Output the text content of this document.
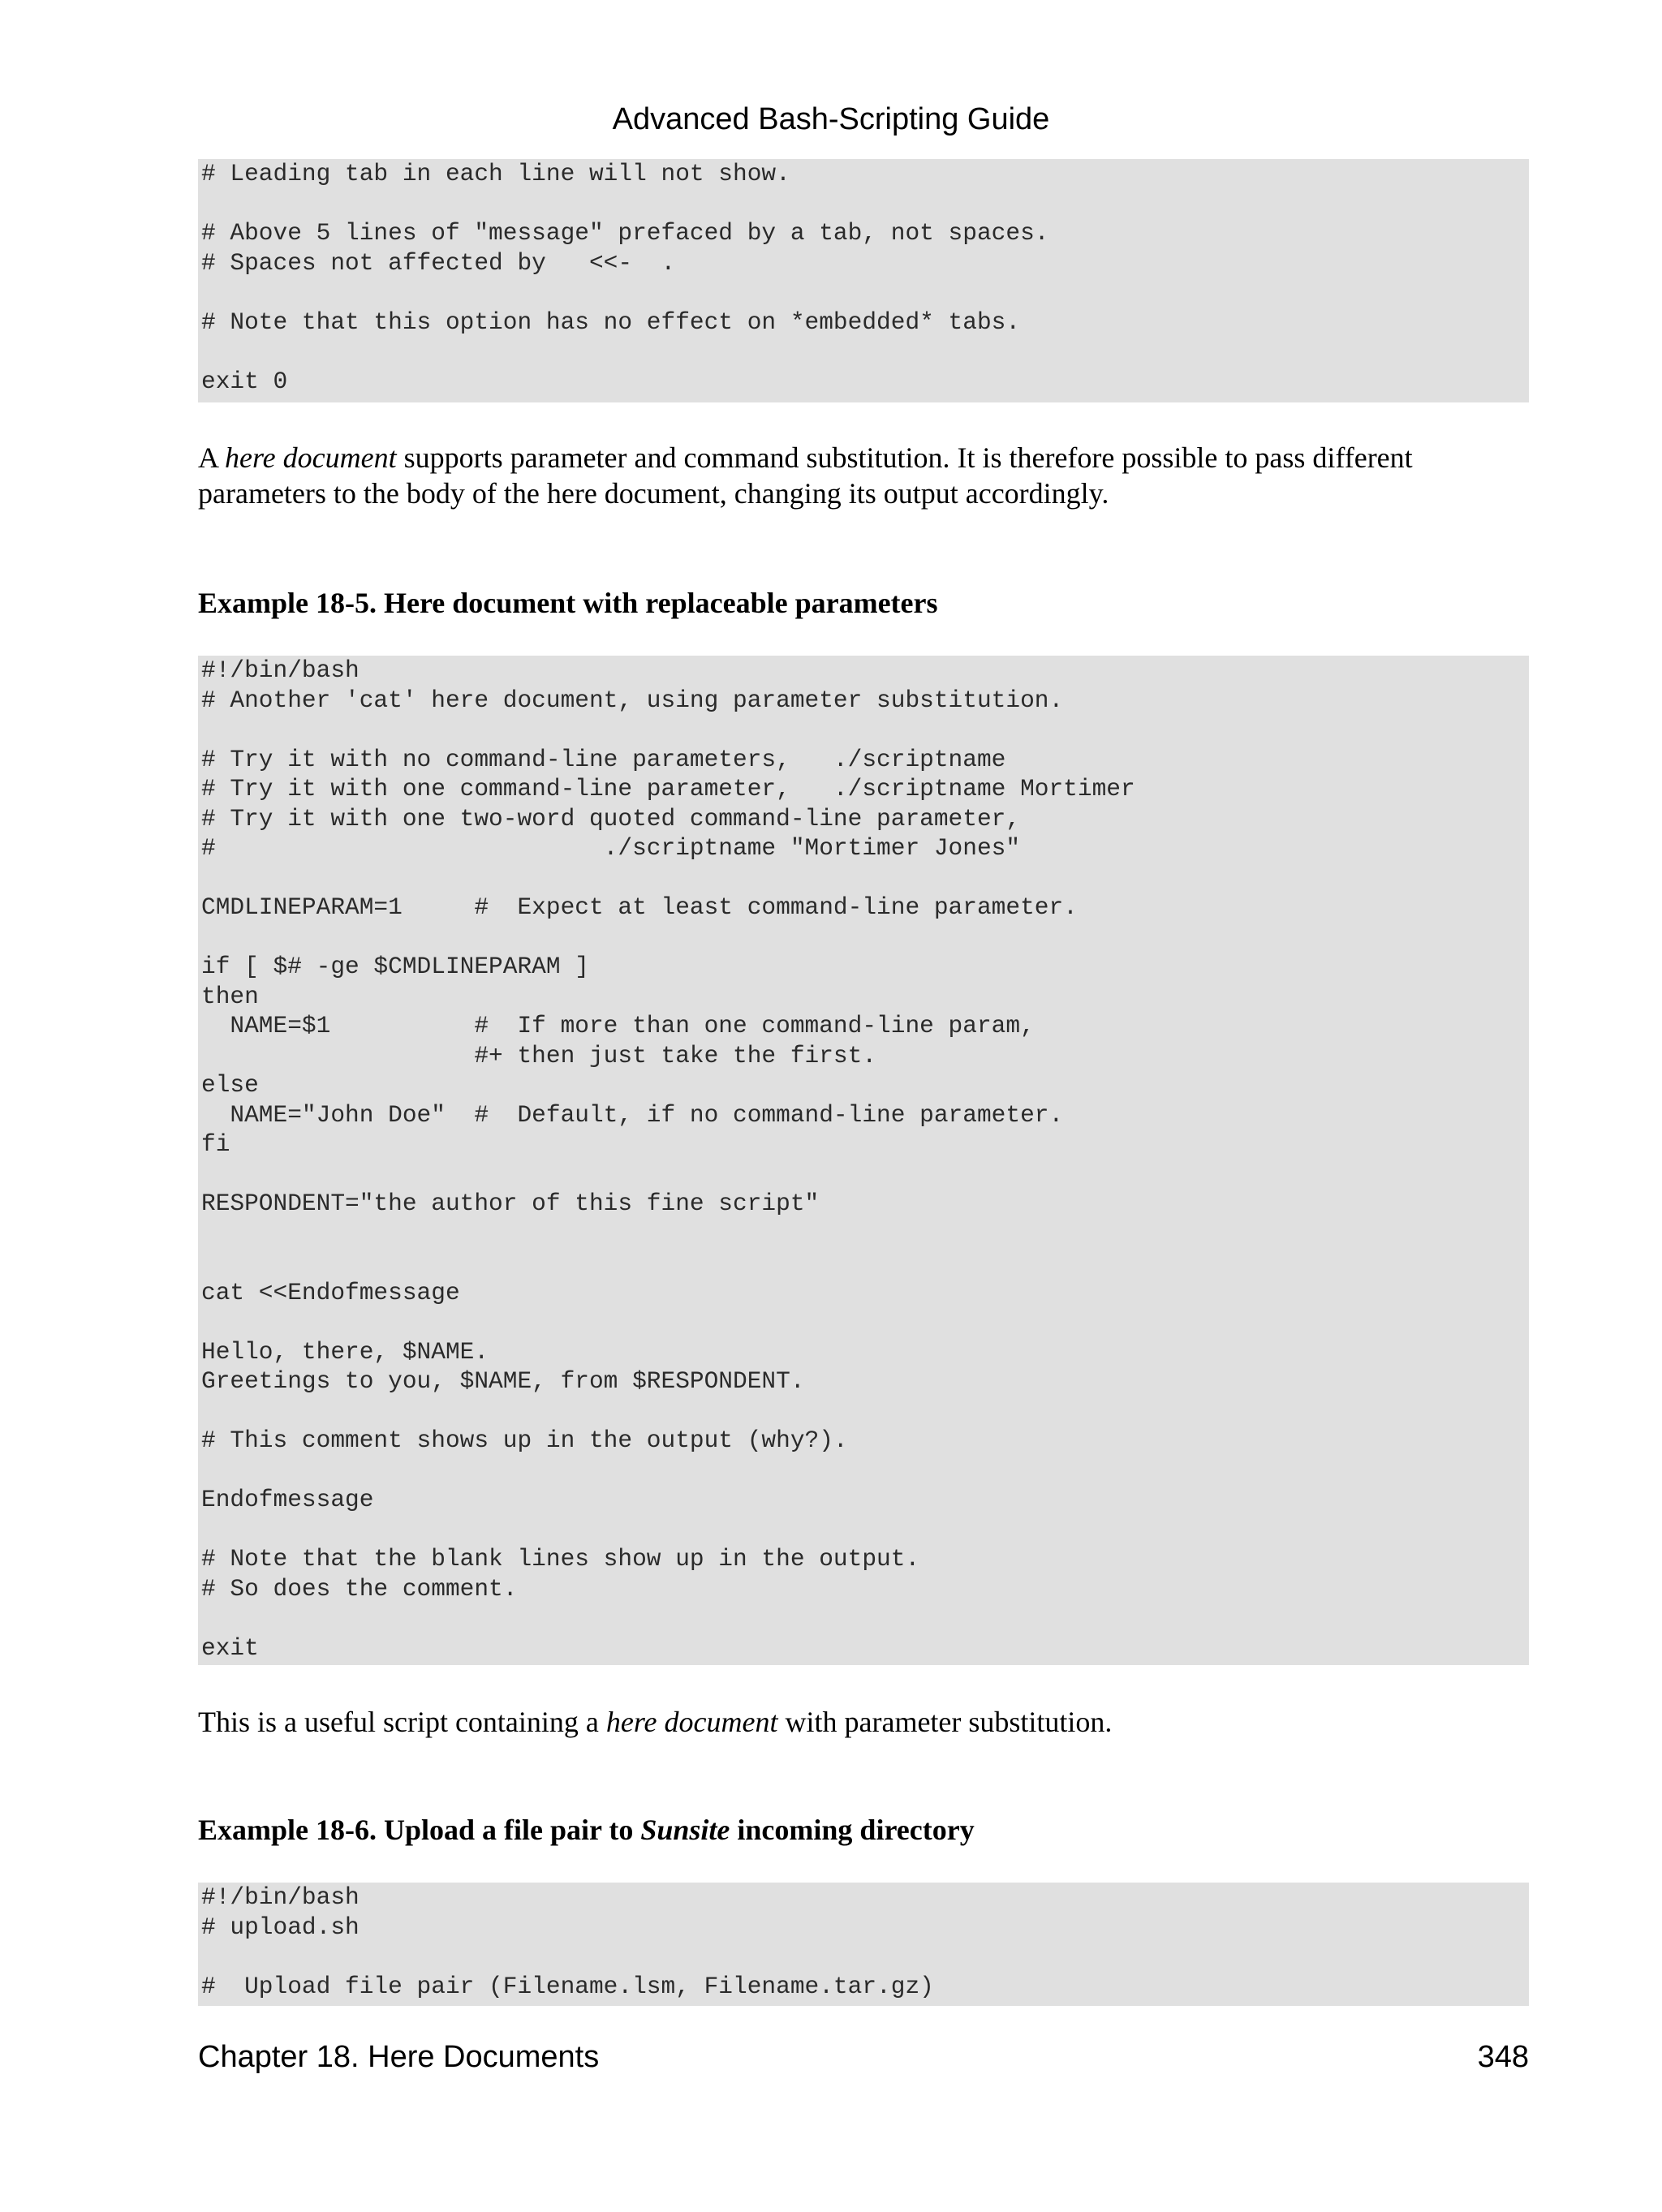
Advanced Bash-Scripting Guide
# Leading tab in each line will not show.

# Above 5 lines of "message" prefaced by a tab, not spaces.
# Spaces not affected by   <<-  .

# Note that this option has no effect on *embedded* tabs.

exit 0

A here document supports parameter and command substitution. It is therefore possible to pass different parameters to the body of the here document, changing its output accordingly.

Example 18-5. Here document with replaceable parameters
#!/bin/bash
# Another 'cat' here document, using parameter substitution.

# Try it with no command-line parameters,   ./scriptname
# Try it with one command-line parameter,   ./scriptname Mortimer
# Try it with one two-word quoted command-line parameter,
#                           ./scriptname "Mortimer Jones"

CMDLINEPARAM=1     #  Expect at least command-line parameter.

if [ $# -ge $CMDLINEPARAM ]
then
NAME=$1          #  If more than one command-line param,
#+ then just take the first.
else
NAME="John Doe"  #  Default, if no command-line parameter.
fi

RESPONDENT="the author of this fine script"

cat <<Endofmessage

Hello, there, $NAME.
Greetings to you, $NAME, from $RESPONDENT.

# This comment shows up in the output (why?).

Endofmessage

# Note that the blank lines show up in the output.
# So does the comment.

exit

This is a useful script containing a here document with parameter substitution.

Example 18-6. Upload a file pair to Sunsite incoming directory
#!/bin/bash
# upload.sh

#  Upload file pair (Filename.lsm, Filename.tar.gz)
Chapter 18. Here Documents	348
